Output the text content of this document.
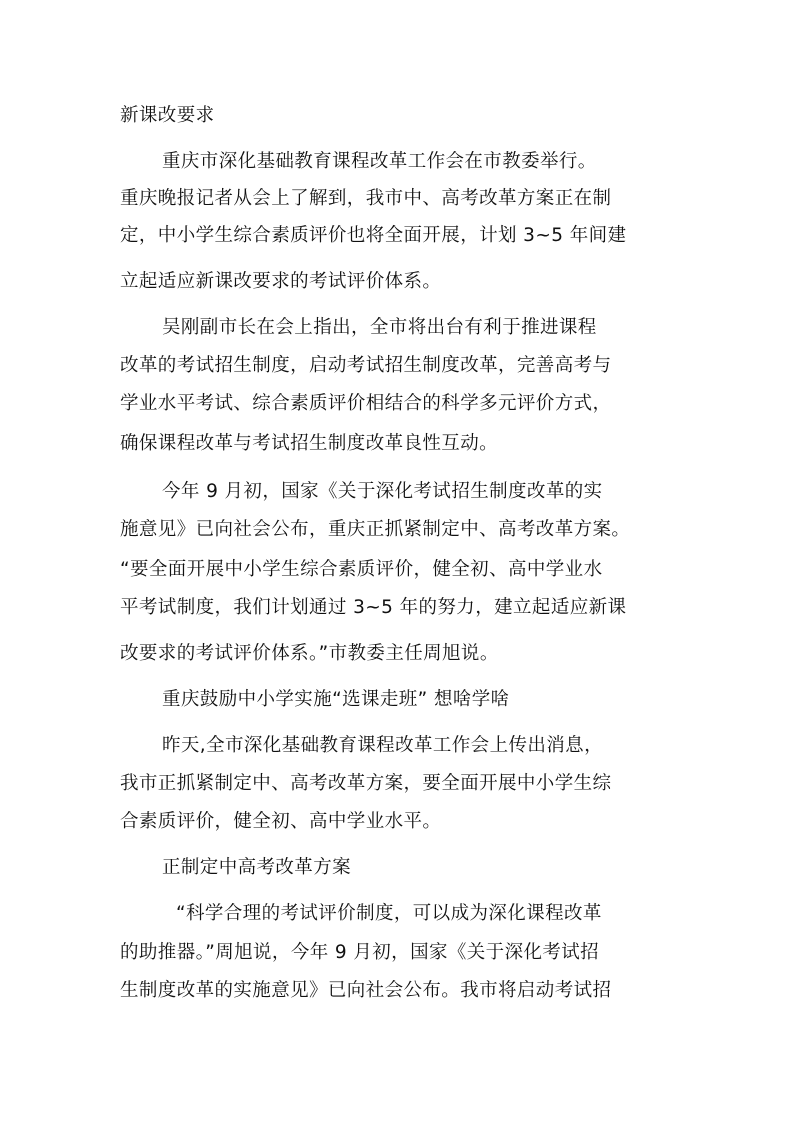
新课改要求
重庆市深化基础教育课程改革工作会在市教委举行。
重庆晚报记者从会上了解到，我市中、高考改革方案正在制
定，中小学生综合素质评价也将全面开展，计划 3~5 年间建
立起适应新课改要求的考试评价体系。
吴刚副市长在会上指出，全市将出台有利于推进课程
改革的考试招生制度，启动考试招生制度改革，完善高考与
学业水平考试、综合素质评价相结合的科学多元评价方式，
确保课程改革与考试招生制度改革良性互动。
今年 9 月初，国家《关于深化考试招生制度改革的实
施意见》已向社会公布，重庆正抓紧制定中、高考改革方案。
“要全面开展中小学生综合素质评价，健全初、高中学业水
平考试制度，我们计划通过 3~5 年的努力，建立起适应新课
改要求的考试评价体系。”市教委主任周旭说。
重庆鼓励中小学实施“选课走班” 想啥学啥
昨天,全市深化基础教育课程改革工作会上传出消息，
我市正抓紧制定中、高考改革方案，要全面开展中小学生综
合素质评价，健全初、高中学业水平。
正制定中高考改革方案
“科学合理的考试评价制度，可以成为深化课程改革
的助推器。”周旭说，今年 9 月初，国家《关于深化考试招
生制度改革的实施意见》已向社会公布。我市将启动考试招
